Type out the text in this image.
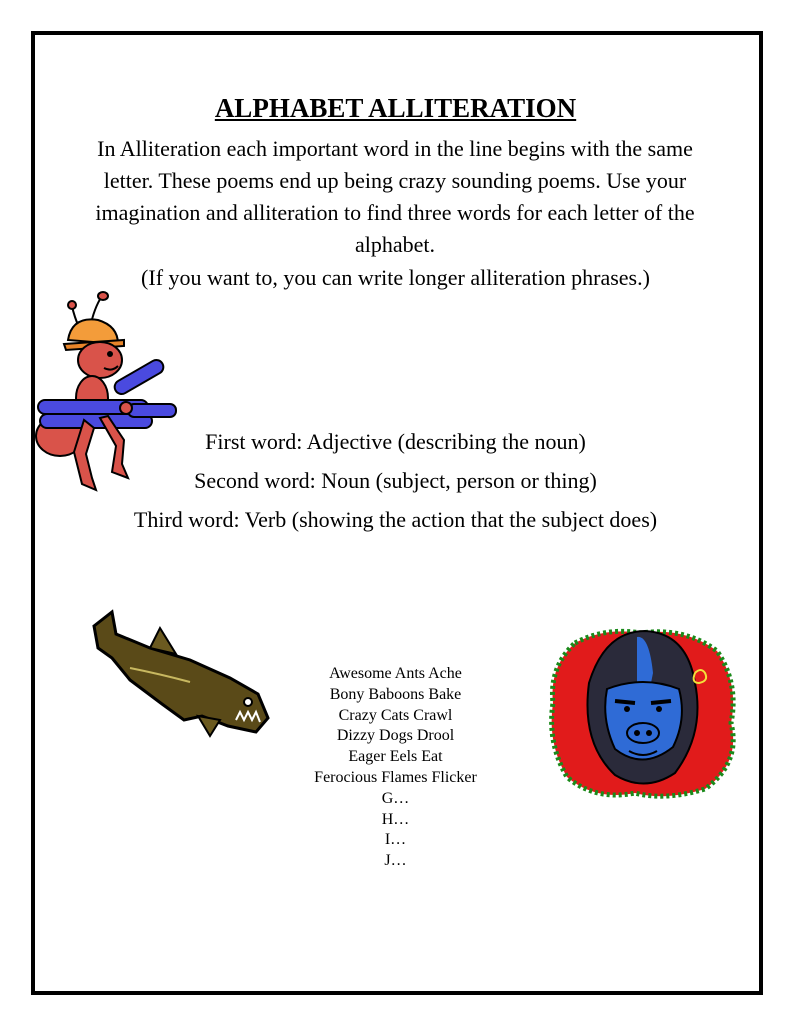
ALPHABET ALLITERATION

In Alliteration each important word in the line begins with the same letter. These poems end up being crazy sounding poems. Use your imagination and alliteration to find three words for each letter of the alphabet.

(If you want to, you can write longer alliteration phrases.)

First word: Adjective (describing the noun)
Second word: Noun (subject, person or thing)
Third word: Verb (showing the action that the subject does)
Awesome Ants Ache
Bony Baboons Bake
Crazy Cats Crawl
Dizzy Dogs Drool
Eager Eels Eat
Ferocious Flames Flicker
G…
H…
I…
J…
